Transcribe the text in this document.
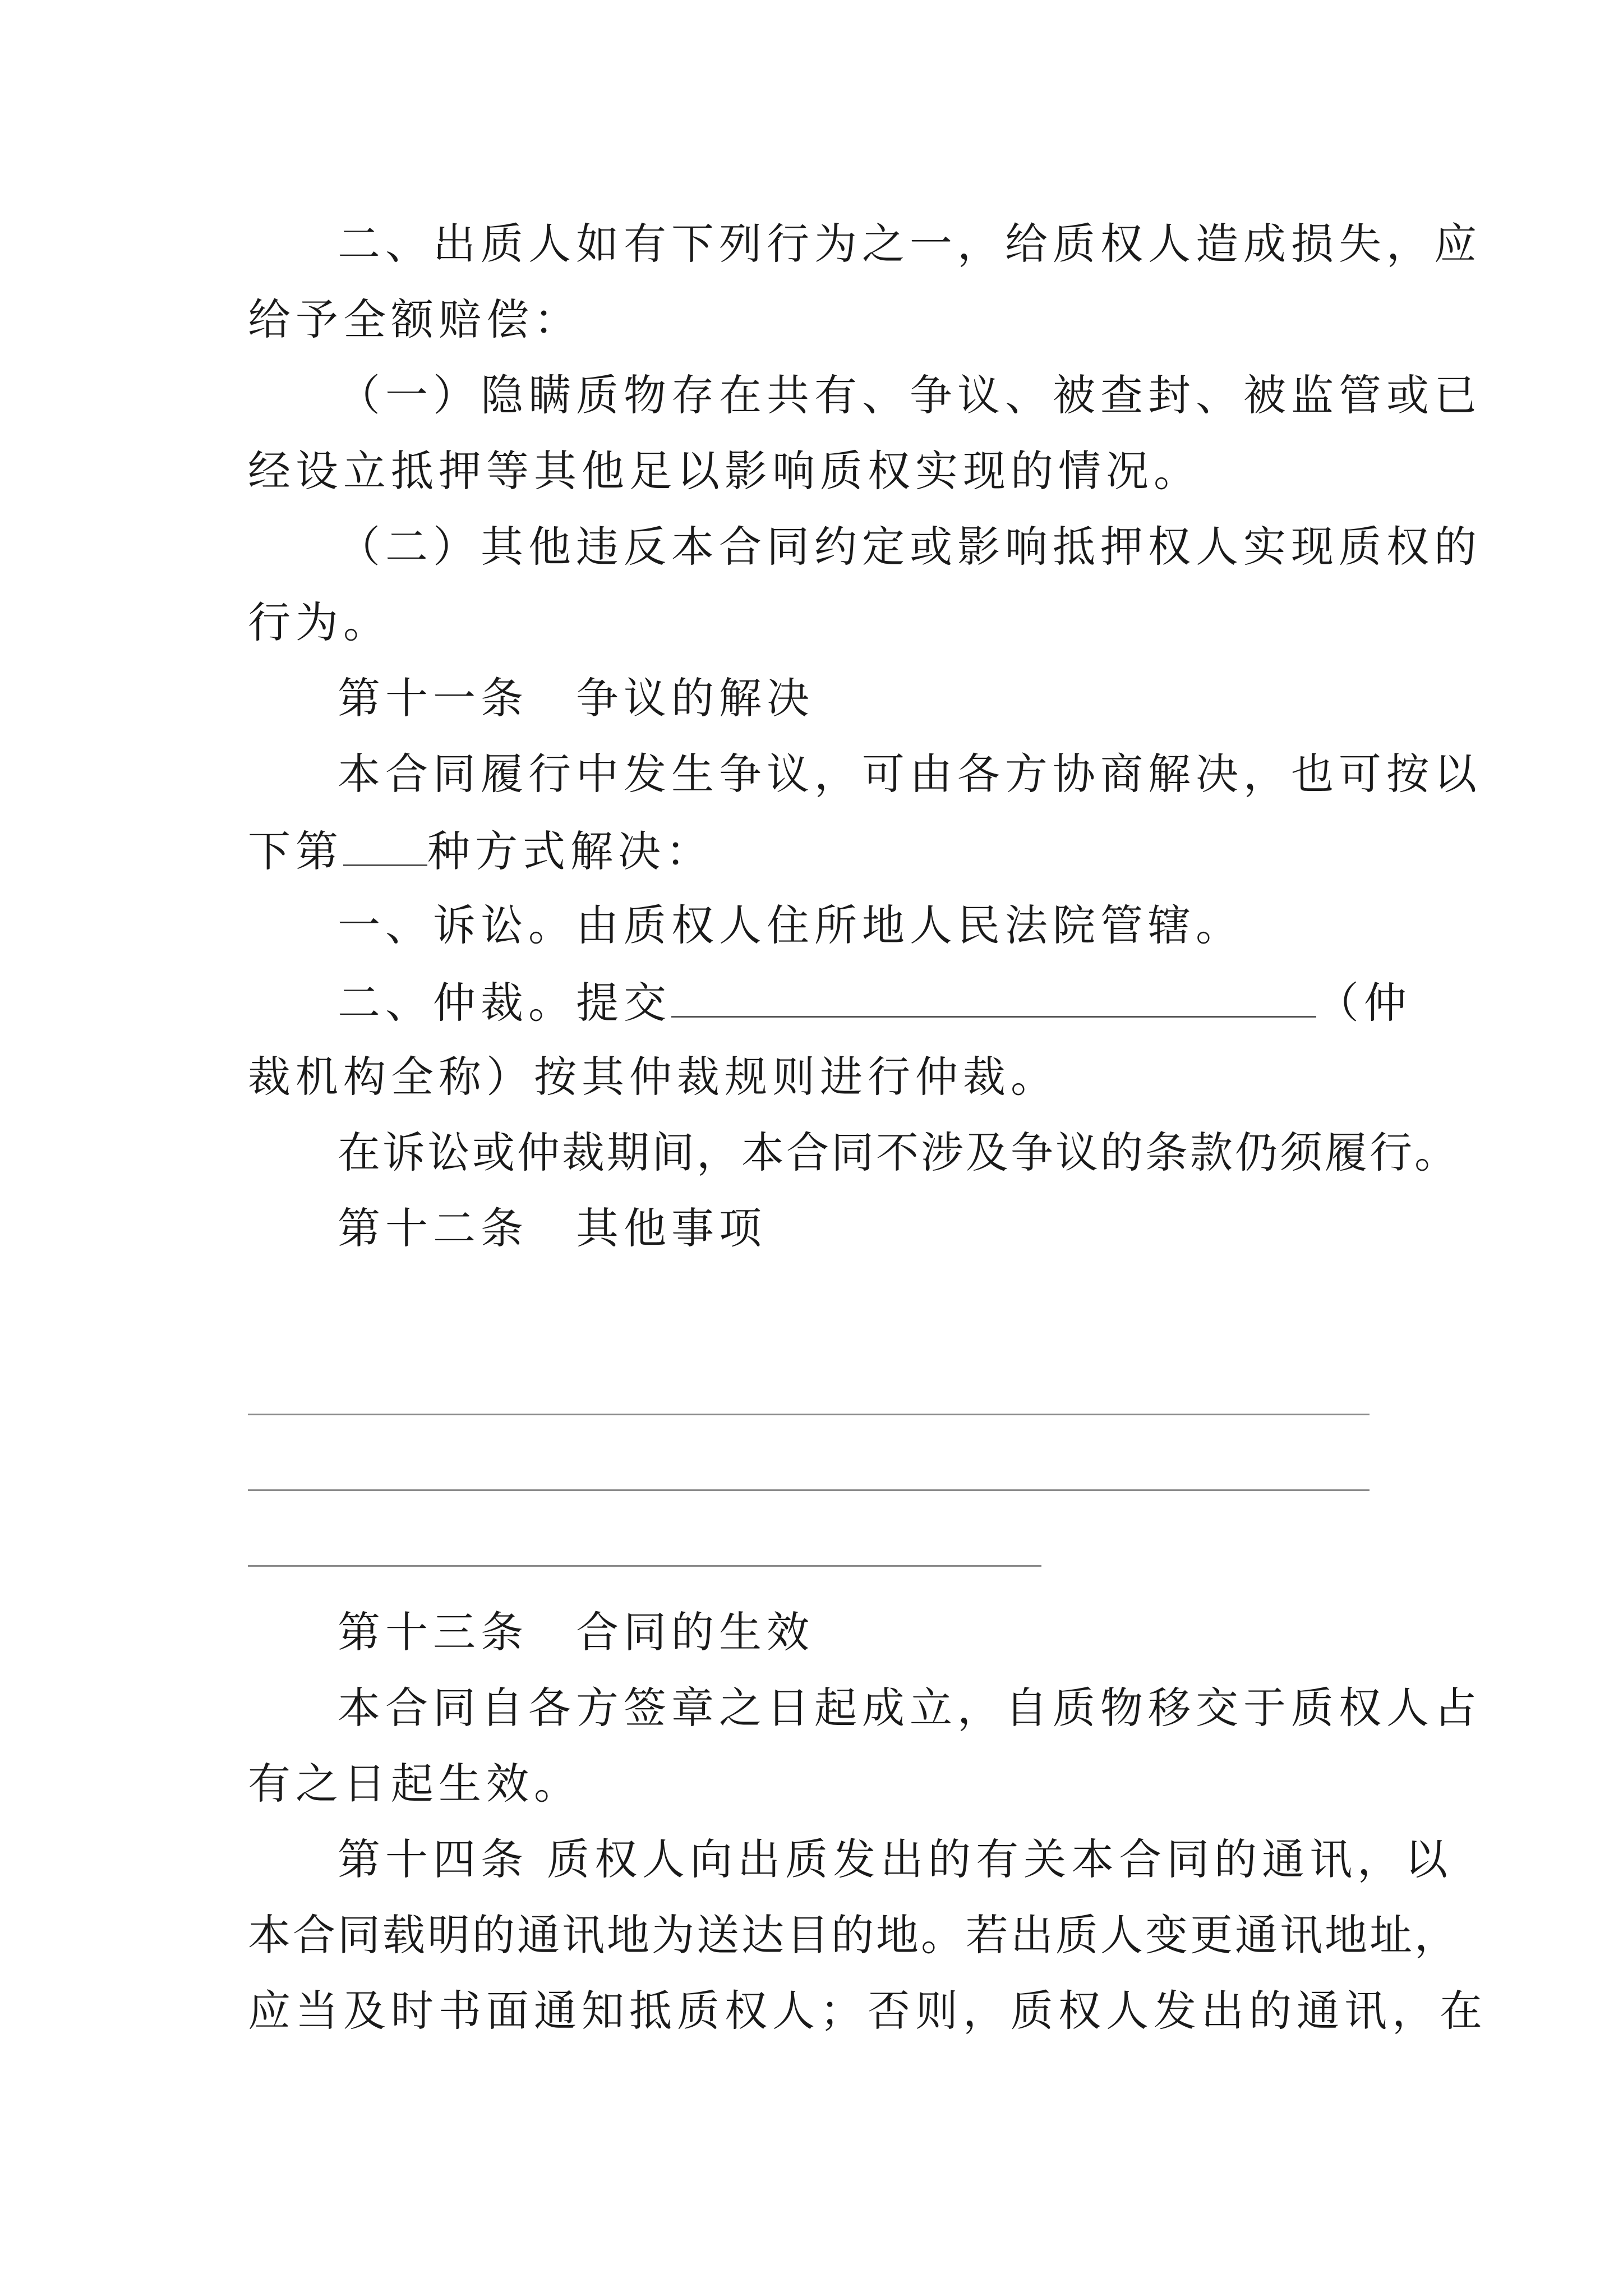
二、出质人如有下列行为之一，给质权人造成损失，应
给予全额赔偿：
（一）隐瞒质物存在共有、争议、被查封、被监管或已
经设立抵押等其他足以影响质权实现的情况。
（二）其他违反本合同约定或影响抵押权人实现质权的
行为。
第十一条　争议的解决
本合同履行中发生争议，可由各方协商解决，也可按以
下第 种方式解决：
一、诉讼。由质权人住所地人民法院管辖。
二、仲裁。提交	（仲
裁机构全称）按其仲裁规则进行仲裁。
在诉讼或仲裁期间，本合同不涉及争议的条款仍须履行。
第十二条　其他事项
第十三条　合同的生效
本合同自各方签章之日起成立，自质物移交于质权人占
有之日起生效。
第十四条 质权人向出质发出的有关本合同的通讯，以
本合同载明的通讯地为送达目的地。若出质人变更通讯地址，
应当及时书面通知抵质权人；否则，质权人发出的通讯，在
